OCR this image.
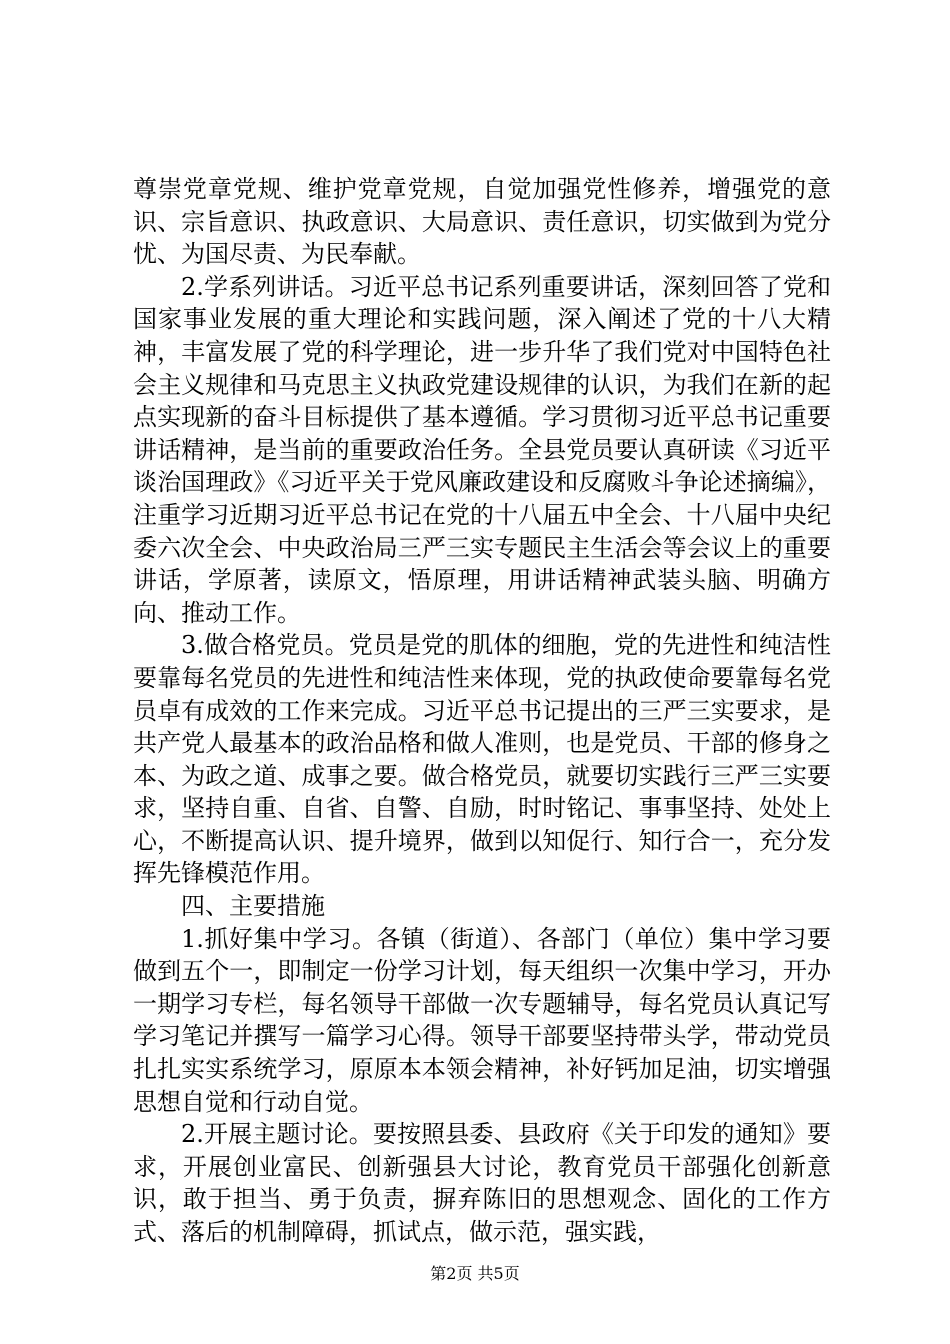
尊崇党章党规、维护党章党规，自觉加强党性修养，增强党的意识、宗旨意识、执政意识、大局意识、责任意识，切实做到为党分忧、为国尽责、为民奉献。

2.学系列讲话。习近平总书记系列重要讲话，深刻回答了党和国家事业发展的重大理论和实践问题，深入阐述了党的十八大精神，丰富发展了党的科学理论，进一步升华了我们党对中国特色社会主义规律和马克思主义执政党建设规律的认识，为我们在新的起点实现新的奋斗目标提供了基本遵循。学习贯彻习近平总书记重要讲话精神，是当前的重要政治任务。全县党员要认真研读《习近平谈治国理政》《习近平关于党风廉政建设和反腐败斗争论述摘编》，注重学习近期习近平总书记在党的十八届五中全会、十八届中央纪委六次全会、中央政治局三严三实专题民主生活会等会议上的重要讲话，学原著，读原文，悟原理，用讲话精神武装头脑、明确方向、推动工作。

3.做合格党员。党员是党的肌体的细胞，党的先进性和纯洁性要靠每名党员的先进性和纯洁性来体现，党的执政使命要靠每名党员卓有成效的工作来完成。习近平总书记提出的三严三实要求，是共产党人最基本的政治品格和做人准则，也是党员、干部的修身之本、为政之道、成事之要。做合格党员，就要切实践行三严三实要求，坚持自重、自省、自警、自励，时时铭记、事事坚持、处处上心，不断提高认识、提升境界，做到以知促行、知行合一，充分发挥先锋模范作用。

四、主要措施

1.抓好集中学习。各镇（街道）、各部门（单位）集中学习要做到五个一，即制定一份学习计划，每天组织一次集中学习，开办一期学习专栏，每名领导干部做一次专题辅导，每名党员认真记写学习笔记并撰写一篇学习心得。领导干部要坚持带头学，带动党员扎扎实实系统学习，原原本本领会精神，补好钙加足油，切实增强思想自觉和行动自觉。

2.开展主题讨论。要按照县委、县政府《关于印发的通知》要求，开展创业富民、创新强县大讨论，教育党员干部强化创新意识，敢于担当、勇于负责，摒弃陈旧的思想观念、固化的工作方式、落后的机制障碍，抓试点，做示范，强实践，

第2页 共5页
